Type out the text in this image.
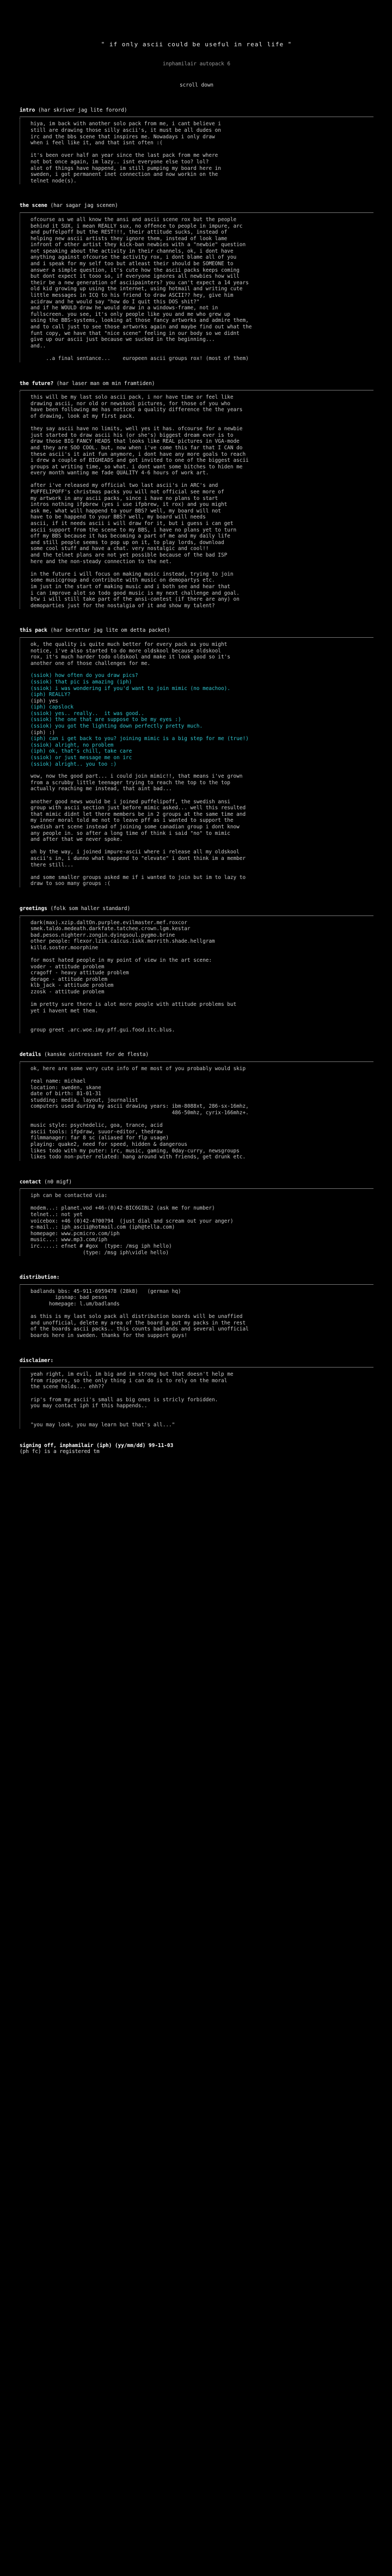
" if only ascii could be useful in real life "
inphamilair autopack 6
scroll down
intro (har skriver jag lite forord)
hiya, im back with another solo pack from me, i cant believe i
still are drawing those silly ascii's, it must be all dudes on
irc and the bbs scene that inspires me. Nowadays i only draw
when i feel like it, and that isnt often :(

it's been over half an year since the last pack from me where
not bot once again, im lazy.. isnt everyone else too? lol?
alot of things have happend, im still pumping my board here in
sweden, i got permanent inet connection and now workin on the
telnet node(s).
the scene (har sagar jag scenen)
ofcourse as we all know the ansi and ascii scene rox but the people
behind it SUX, i mean REALLY sux, no offence to people in impure, arc
and puffelpoff but the REST!!!, their attitude sucks, instead of
helping new ascii artists they ignore them, instead of look lame
infront of other artist they kick-ban newbies with a "newbie" question
not speaking about the activity in their channels, ok, i dont have
anything against ofcourse the activity rox, i dont blame all of you
and i speak for my self too but atleast their should be SOMEONE to
answer a simple question, it's cute how the ascii packs keeps coming
but dont expect it tooo so, if everyone ignores all newbies how will
their be a new generation of asciipainters? you can't expect a 14 years
old kid growing up using the internet, using hotmail and writing cute
little messages in ICQ to his friend to draw ASCII?? hey, give him
acidraw and he would say "how do I quit this DOS shit?"
and if he WOULD draw he would draw in a windows-frame, not in
fullscreen. you see, it's only people like you and me who grew up
using the BBS-systems, looking at those fancy artworks and admire them,
and to call just to see those artworks again and maybe find out what the
funt copy, we have that "nice scene" feeling in our body so we didnt
give up our ascii just because we sucked in the beginning...
and..

..a final sentance...    europeen ascii groups rox! (most of them)
the future? (har laser man om min framtiden)
this will be my last solo ascii pack, i nor have time or feel like
drawing ascii, nor old or newskool pictures, for those of you who
have been following me has noticed a quality difference the the years
of drawing, look at my first pack.

they say ascii have no limits, well yes it has. ofcourse for a newbie
just started to draw ascii his (or she's) biggest dream ever is to
draw those BIG FANCY HEADS that looks like REAL pictures in VGA-mode
and they are SOO COOL. but, now when i've come this far that I CAN do
these ascii's it aint fun anymore, i dont have any more goals to reach
i drew a couple of BIGHEADS and got invited to one of the biggest ascii
groups at writing time, so what. i dont want some bitches to hiden me
every month wanting me fade QUALITY 4-6 hours of work art.

after i've released my official two last ascii's in ARC's and
PUFFELIPOFF's christmas packs you will not official see more of
my artwork in any ascii packs, since i have no plans to start
intros nothing ifpbrew (yes i use ifpbrew, it rox) and you might
ask me, what will happend to your BBS? well, my board will not
have to be happend to your BBS? well, my board will needs
ascii, if it needs ascii i will draw for it, but i guess i can get
ascii support from the scene to my BBS, i have no plans yet to turn
off my BBS because it has becoming a part of me and my daily life
and still people seems to pop up on it, to play lords, download
some cool stuff and have a chat. very nostalgic and cool!!
and the telnet plans are not yet possible because of the bad ISP
here and the non-steady connection to the net.

in the future i will focus on making music instead, trying to join
some musicgroup and contribute with music on demopartys etc.
im just in the start of making music and i both see and hear that
i can improve alot so todo good music is my next challenge and goal.
btw i will still take part of the ansi-contest (if there are any) on
demoparties just for the nostalgia of it and show my talent?
this pack (har berattar jag lite om detta packet)
ok, the quality is quite much better for every pack as you might
notice, i've also started to do more oldskool because oldskool
rox, it's much harder todo oldskool and make it look good so it's
another one of those challenges for me.
(ssiok) how often do you draw pics?
(ssiok) that pic is amazing (iph)
(ssiok) i was wondering if you'd want to join mimic (no meachoo).
(iph) REALLY?
(iph) yes
(iph) capslock
(ssiok) yes.. really..  it was good..
(ssiok) the one that are suppose to be my eyes :)
(ssiok) you got the lighting down perfectly pretty much.
(iph) :)
(iph) can i get back to you? joining mimic is a big step for me (true!)
(ssiok) alright, no problem
(iph) ok, that's chill, take care
(ssiok) or just message me on irc
(ssiok) alright.. you too :)
wow, now the good part... i could join mimic!!, that means i've grown
from a scrubby little teenager trying to reach the top to the top
actually reaching me instead, that aint bad...

another good news would be i joined puffelipoff, the swedish ansi
group with ascii section just before mimic asked... well this resulted
that mimic didnt let there members be in 2 groups at the same time and
my inner moral told me not to leave pff as i wanted to support the
swedish art scene instead of joining some canadian group i dont know
any people in. so after a long time of think i said "no" to mimic
and after that we never spoke.

oh by the way, i joined impure-ascii where i release all my oldskool
ascii's in, i dunno what happend to "elevate" i dont think im a member
there still...

and some smaller groups asked me if i wanted to join but im to lazy to
draw to soo many groups :(
greetings (folk som haller standard)
dark(max).xzip.daltOn.purplee.evilmaster.mef.roxcor
smek.taldo.medeath.darkfate.tatchee.crown.lgm.kestar
bad.pesos.nighterr.zongin.dyingsoul.pygmo.brine
other people: flexor.lzik.caicus.iskk.morrith.shade.hellgram
killd.soster.moorphine

for most hated people in my point of view in the art scene:
voder - attitude problem
cragoff - heavy attitude problem
derage - attitude problem
klb_jack - attitude problem
zzosk - attitude problem

im pretty sure there is alot more people with attitude problems but
yet i havent met them.

group greet .arc.woe.imy.pff.gui.food.itc.blus.
details (kanske ointressant for de flesta)
ok, here are some very cute info of me most of you probably would skip

real name: michael
location: sweden, skane
date of birth: 81-01-31
studding: media, layout, journalist
computers used during my ascii drawing years: ibm-8088xt, 286-sx-16mhz,
486-50mhz, cyrix-166mhz+.

music style: psychedelic, goa, trance, acid
ascii tools: ifpdraw, suuor-editor, thedraw
filmmanager: far 8 sc (aliased for flp usage)
playing: quake2, need for speed, hidden & dangerous
likes todo with my puter: irc, music, gaming, 0day-curry, newsgroups
likes todo non-puter related: hang around with friends, get drunk etc.
contact (n0 migf)
iph can be contacted via:

modem...: planet.vod +46-(0)42-BIC6GIBL2 (ask me for number)
telnet..: not yet
voicebox: +46 (0)42-4?00?94  (just dial and scream out your anger)
e-mail..: iph_ascii@hotmail.com (iph@tella.com)
homepage: www.pcmicro.com/iph
music...: www.mp3.com/iph
irc.....: efnet # #gox  (type: /msg iph hello)
(type: /msg iph\vidle hello)
distribution:
badlands bbs: 45-911-6959478 (28k8)   (german hq)
ipsnap: bad pesos
homepage: l.um/badlands

as this is my last solo pack all distribution boards will be unaffied
and unofficial, delete my area of the board a put my packs in the rest
of the boards ascii packs.. this counts badlands and several unofficial
boards here in sweden. thanks for the support guys!
disclaimer:
yeah right, im evil, im big and im strong but that doesn't help me
from rippers, so the only thing i can do is to rely on the moral
the scene holds... ehh??

rip's from my ascii's small as big ones is stricly forbidden.
you may contact iph if this happends..

"you may look, you may learn but that's all..."
signing off, inphamilair (iph) (yy/mm/dd) 99-11-03
(ph fc) is a registered tm
